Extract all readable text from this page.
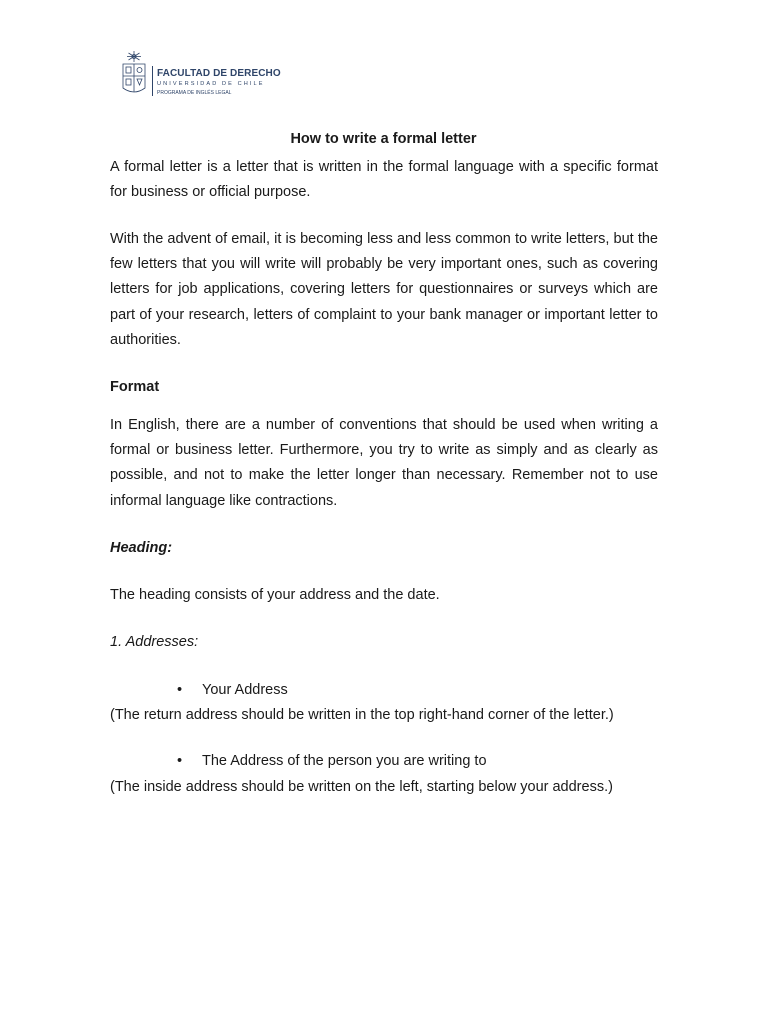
FACULTAD DE DERECHO
UNIVERSIDAD DE CHILE
PROGRAMA DE INGLÉS LEGAL
How to write a formal letter

A formal letter is a letter that is written in the formal language with a specific format for business or official purpose.

With the advent of email, it is becoming less and less common to write letters, but the few letters that you will write will probably be very important ones, such as covering letters for job applications, covering letters for questionnaires or surveys which are part of your research, letters of complaint to your bank manager or important letter to authorities.

Format

In English, there are a number of conventions that should be used when writing a formal or business letter. Furthermore, you try to write as simply and as clearly as possible, and not to make the letter longer than necessary. Remember not to use informal language like contractions.

Heading:

The heading consists of your address and the date.

1. Addresses:

• Your Address

(The return address should be written in the top right-hand corner of the letter.)

• The Address of the person you are writing to

(The inside address should be written on the left, starting below your address.)
